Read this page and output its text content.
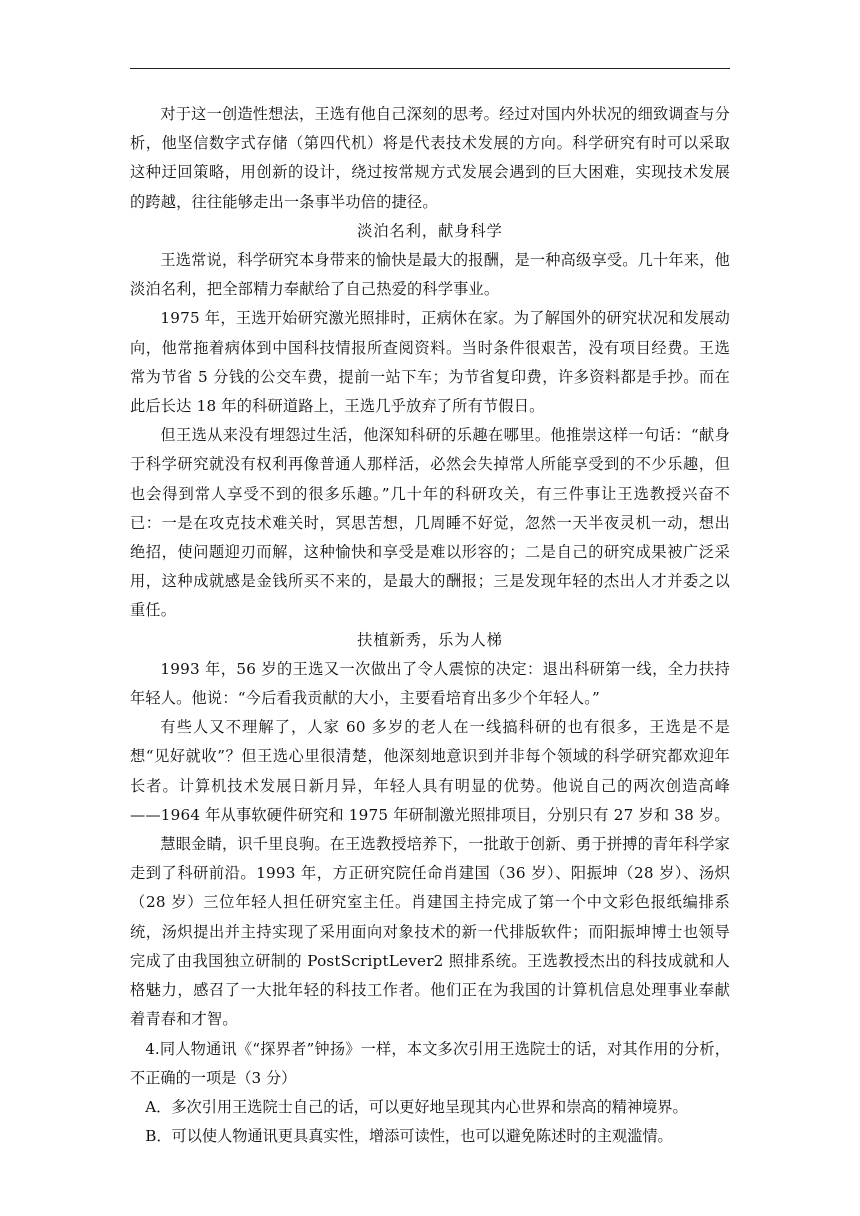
对于这一创造性想法，王选有他自己深刻的思考。经过对国内外状况的细致调查与分析，他坚信数字式存储（第四代机）将是代表技术发展的方向。科学研究有时可以采取这种迂回策略，用创新的设计，绕过按常规方式发展会遇到的巨大困难，实现技术发展的跨越，往往能够走出一条事半功倍的捷径。

淡泊名利，献身科学

王选常说，科学研究本身带来的愉快是最大的报酬，是一种高级享受。几十年来，他淡泊名利，把全部精力奉献给了自己热爱的科学事业。

1975 年，王选开始研究激光照排时，正病休在家。为了解国外的研究状况和发展动向，他常拖着病体到中国科技情报所查阅资料。当时条件很艰苦，没有项目经费。王选常为节省 5 分钱的公交车费，提前一站下车；为节省复印费，许多资料都是手抄。而在此后长达 18 年的科研道路上，王选几乎放弃了所有节假日。

但王选从来没有埋怨过生活，他深知科研的乐趣在哪里。他推崇这样一句话：“献身于科学研究就没有权利再像普通人那样活，必然会失掉常人所能享受到的不少乐趣，但也会得到常人享受不到的很多乐趣。”几十年的科研攻关，有三件事让王选教授兴奋不已：一是在攻克技术难关时，冥思苦想，几周睡不好觉，忽然一天半夜灵机一动，想出绝招，使问题迎刃而解，这种愉快和享受是难以形容的；二是自己的研究成果被广泛采用，这种成就感是金钱所买不来的，是最大的酬报；三是发现年轻的杰出人才并委之以重任。

扶植新秀，乐为人梯

1993 年，56 岁的王选又一次做出了令人震惊的决定：退出科研第一线，全力扶持年轻人。他说：“今后看我贡献的大小，主要看培育出多少个年轻人。”

有些人又不理解了，人家 60 多岁的老人在一线搞科研的也有很多，王选是不是想“见好就收”？但王选心里很清楚，他深刻地意识到并非每个领域的科学研究都欢迎年长者。计算机技术发展日新月异，年轻人具有明显的优势。他说自己的两次创造高峰——1964 年从事软硬件研究和 1975 年研制激光照排项目，分别只有 27 岁和 38 岁。

慧眼金睛，识千里良驹。在王选教授培养下，一批敢于创新、勇于拼搏的青年科学家走到了科研前沿。1993 年，方正研究院任命肖建国（36 岁）、阳振坤（28 岁）、汤炽（28 岁）三位年轻人担任研究室主任。肖建国主持完成了第一个中文彩色报纸编排系统，汤炽提出并主持实现了采用面向对象技术的新一代排版软件；而阳振坤博士也领导完成了由我国独立研制的 PostScriptLever2 照排系统。王选教授杰出的科技成就和人格魅力，感召了一大批年轻的科技工作者。他们正在为我国的计算机信息处理事业奉献着青春和才智。

4.同人物通讯《“探界者”钟扬》一样，本文多次引用王选院士的话，对其作用的分析，不正确的一项是（3 分）

A．多次引用王选院士自己的话，可以更好地呈现其内心世界和崇高的精神境界。

B．可以使人物通讯更具真实性，增添可读性，也可以避免陈述时的主观滥情。
